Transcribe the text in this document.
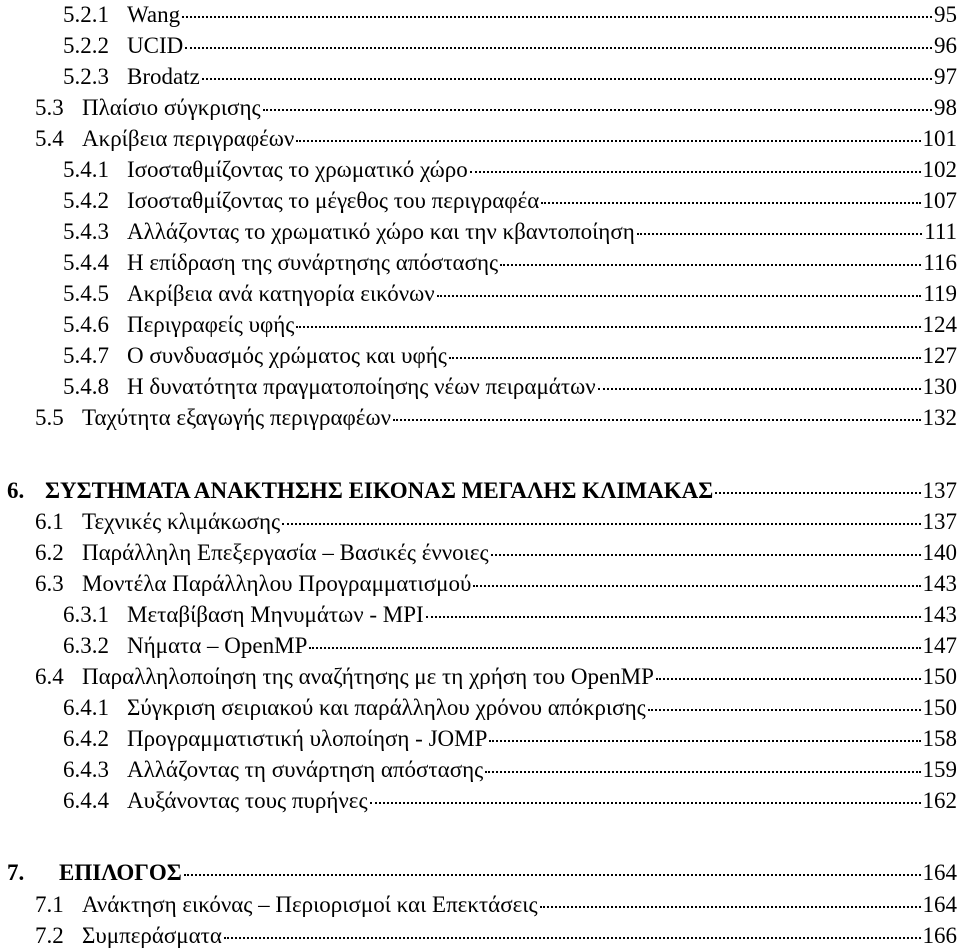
5.2.1 Wang	95
5.2.2 UCID	96
5.2.3 Brodatz	97
5.3 Πλαίσιο σύγκρισης	98
5.4 Ακρίβεια περιγραφέων	101
5.4.1 Ισοσταθμίζοντας το χρωματικό χώρο	102
5.4.2 Ισοσταθμίζοντας το μέγεθος του περιγραφέα	107
5.4.3 Αλλάζοντας το χρωματικό χώρο και την κβαντοποίηση	111
5.4.4 Η επίδραση της συνάρτησης απόστασης	116
5.4.5 Ακρίβεια ανά κατηγορία εικόνων	119
5.4.6 Περιγραφείς υφής	124
5.4.7 Ο συνδυασμός χρώματος και υφής	127
5.4.8 Η δυνατότητα πραγματοποίησης νέων πειραμάτων	130
5.5 Ταχύτητα εξαγωγής περιγραφέων	132
6. ΣΥΣΤΗΜΑΤΑ ΑΝΑΚΤΗΣΗΣ ΕΙΚΟΝΑΣ ΜΕΓΑΛΗΣ ΚΛΙΜΑΚΑΣ	137
6.1 Τεχνικές κλιμάκωσης	137
6.2 Παράλληλη Επεξεργασία – Βασικές έννοιες	140
6.3 Μοντέλα Παράλληλου Προγραμματισμού	143
6.3.1 Μεταβίβαση Μηνυμάτων - MPI	143
6.3.2 Νήματα – OpenMP	147
6.4 Παραλληλοποίηση της αναζήτησης με τη χρήση του OpenMP	150
6.4.1 Σύγκριση σειριακού και παράλληλου χρόνου απόκρισης	150
6.4.2 Προγραμματιστική υλοποίηση - JOMP	158
6.4.3 Αλλάζοντας τη συνάρτηση απόστασης	159
6.4.4 Αυξάνοντας τους πυρήνες	162
7.	ΕΠΙΛΟΓΟΣ	164
7.1 Ανάκτηση εικόνας – Περιορισμοί και Επεκτάσεις	164
7.2 Συμπεράσματα	166
